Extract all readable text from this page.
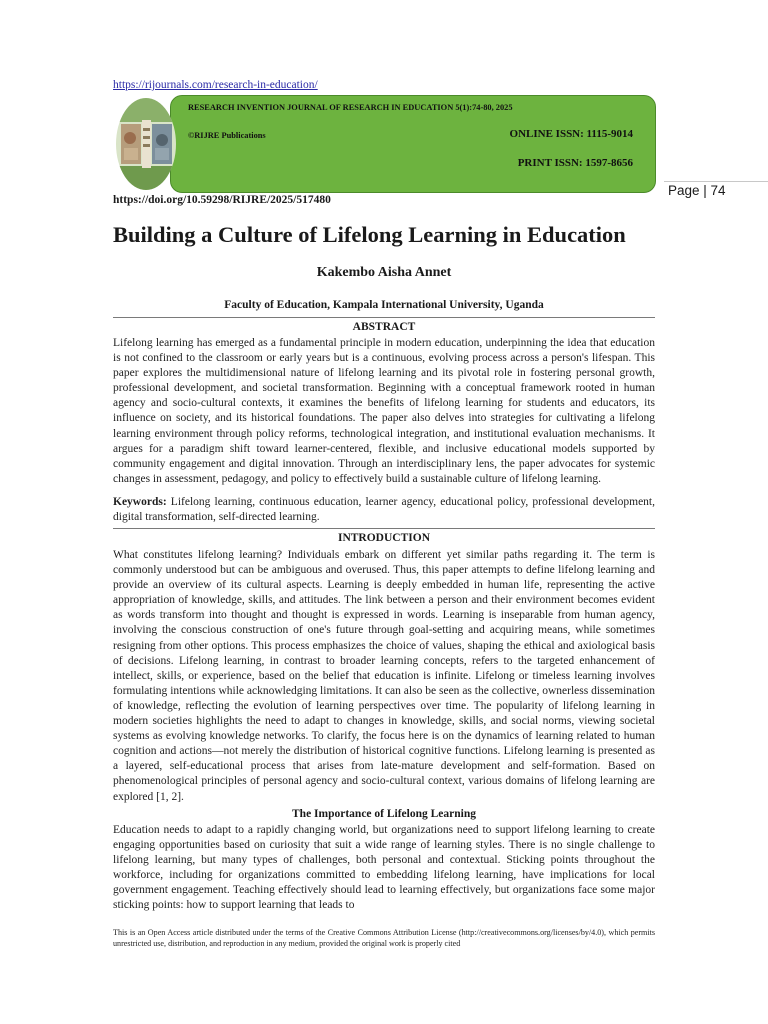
https://rijournals.com/research-in-education/
RESEARCH INVENTION JOURNAL OF RESEARCH IN EDUCATION 5(1):74-80, 2025
©RIJRE Publications	ONLINE ISSN: 1115-9014
PRINT ISSN: 1597-8656
https://doi.org/10.59298/RIJRE/2025/517480
Page | 74
Building a Culture of Lifelong Learning in Education
Kakembo Aisha Annet
Faculty of Education, Kampala International University, Uganda
ABSTRACT

Lifelong learning has emerged as a fundamental principle in modern education, underpinning the idea that education is not confined to the classroom or early years but is a continuous, evolving process across a person's lifespan. This paper explores the multidimensional nature of lifelong learning and its pivotal role in fostering personal growth, professional development, and societal transformation. Beginning with a conceptual framework rooted in human agency and socio-cultural contexts, it examines the benefits of lifelong learning for students and educators, its influence on society, and its historical foundations. The paper also delves into strategies for cultivating a lifelong learning environment through policy reforms, technological integration, and institutional evaluation mechanisms. It argues for a paradigm shift toward learner-centered, flexible, and inclusive educational models supported by community engagement and digital innovation. Through an interdisciplinary lens, the paper advocates for systemic changes in assessment, pedagogy, and policy to effectively build a sustainable culture of lifelong learning.

Keywords: Lifelong learning, continuous education, learner agency, educational policy, professional development, digital transformation, self-directed learning.

INTRODUCTION

What constitutes lifelong learning? Individuals embark on different yet similar paths regarding it. The term is commonly understood but can be ambiguous and overused. Thus, this paper attempts to define lifelong learning and provide an overview of its cultural aspects. Learning is deeply embedded in human life, representing the active appropriation of knowledge, skills, and attitudes. The link between a person and their environment becomes evident as words transform into thought and thought is expressed in words. Learning is inseparable from human agency, involving the conscious construction of one's future through goal-setting and acquiring means, while sometimes resigning from other options. This process emphasizes the choice of values, shaping the ethical and axiological basis of decisions. Lifelong learning, in contrast to broader learning concepts, refers to the targeted enhancement of intellect, skills, or experience, based on the belief that education is infinite. Lifelong or timeless learning involves formulating intentions while acknowledging limitations. It can also be seen as the collective, ownerless dissemination of knowledge, reflecting the evolution of learning perspectives over time. The popularity of lifelong learning in modern societies highlights the need to adapt to changes in knowledge, skills, and social norms, viewing societal systems as evolving knowledge networks. To clarify, the focus here is on the dynamics of learning related to human cognition and actions—not merely the distribution of historical cognitive functions. Lifelong learning is presented as a layered, self-educational process that arises from late-mature development and self-formation. Based on phenomenological principles of personal agency and socio-cultural context, various domains of lifelong learning are explored [1, 2].

The Importance of Lifelong Learning

Education needs to adapt to a rapidly changing world, but organizations need to support lifelong learning to create engaging opportunities based on curiosity that suit a wide range of learning styles. There is no single challenge to lifelong learning, but many types of challenges, both personal and contextual. Sticking points throughout the workforce, including for organizations committed to embedding lifelong learning, have implications for local government engagement. Teaching effectively should lead to learning effectively, but organizations face some major sticking points: how to support learning that leads to

This is an Open Access article distributed under the terms of the Creative Commons Attribution License (http://creativecommons.org/licenses/by/4.0), which permits unrestricted use, distribution, and reproduction in any medium, provided the original work is properly cited
